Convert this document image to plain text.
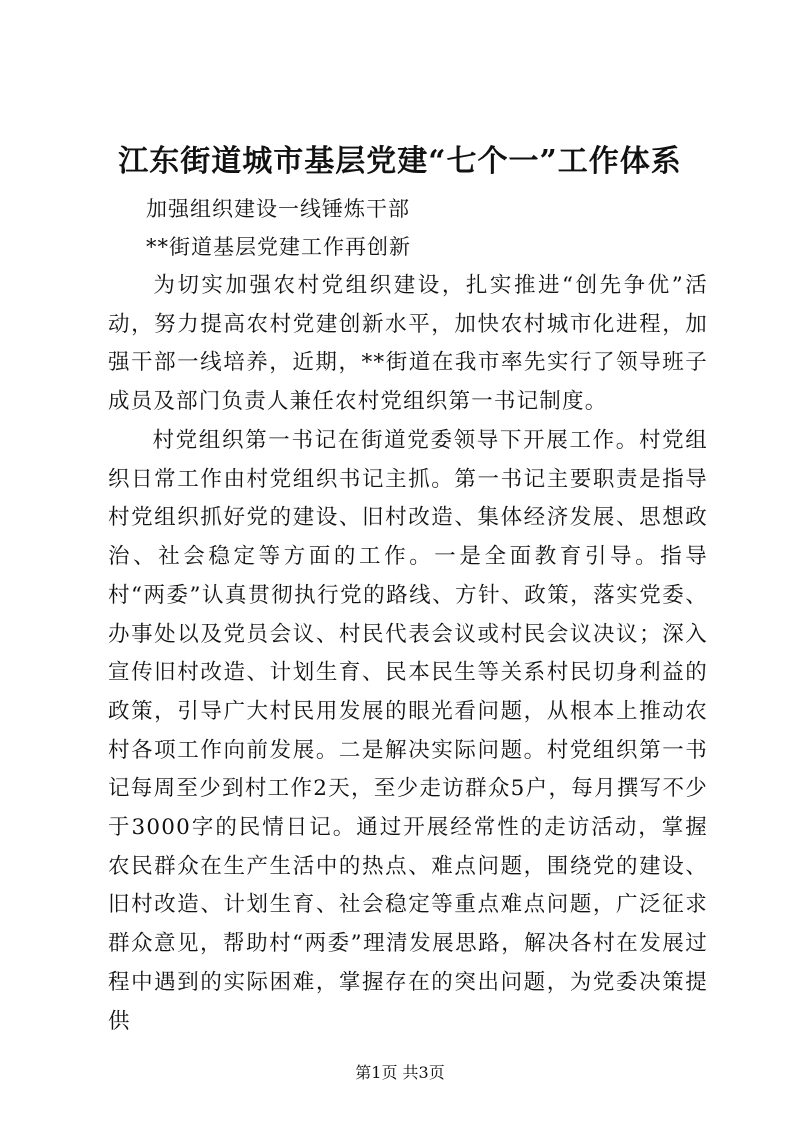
江东街道城市基层党建“七个一”工作体系
加强组织建设一线锤炼干部
**街道基层党建工作再创新

为切实加强农村党组织建设，扎实推进“创先争优”活动，努力提高农村党建创新水平，加快农村城市化进程，加强干部一线培养，近期，**街道在我市率先实行了领导班子成员及部门负责人兼任农村党组织第一书记制度。

村党组织第一书记在街道党委领导下开展工作。村党组织日常工作由村党组织书记主抓。第一书记主要职责是指导村党组织抓好党的建设、旧村改造、集体经济发展、思想政治、社会稳定等方面的工作。一是全面教育引导。指导村“两委”认真贯彻执行党的路线、方针、政策，落实党委、办事处以及党员会议、村民代表会议或村民会议决议；深入宣传旧村改造、计划生育、民本民生等关系村民切身利益的政策，引导广大村民用发展的眼光看问题，从根本上推动农村各项工作向前发展。二是解决实际问题。村党组织第一书记每周至少到村工作2天，至少走访群众5户，每月撰写不少于3000字的民情日记。通过开展经常性的走访活动，掌握农民群众在生产生活中的热点、难点问题，围绕党的建设、旧村改造、计划生育、社会稳定等重点难点问题，广泛征求群众意见，帮助村“两委”理清发展思路，解决各村在发展过程中遇到的实际困难，掌握存在的突出问题，为党委决策提供

第1页 共3页
